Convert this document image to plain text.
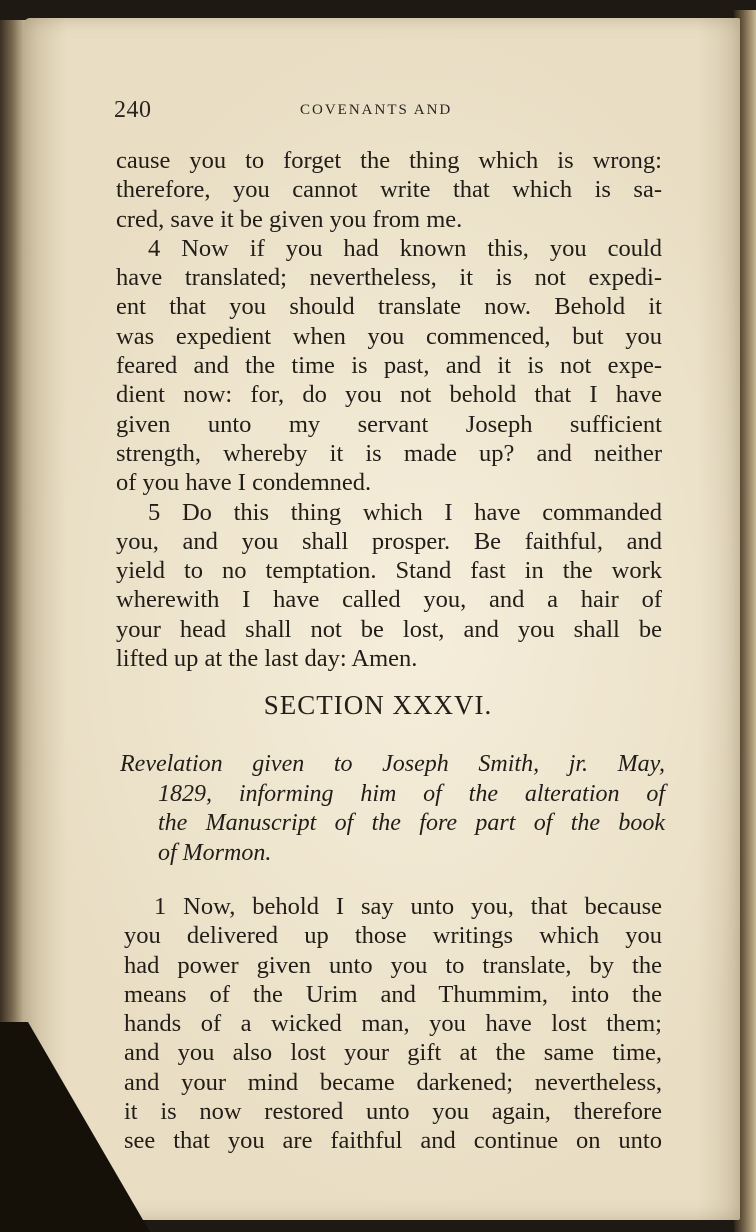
240	COVENANTS AND
cause you to forget the thing which is wrong:
therefore, you cannot write that which is sa-
cred, save it be given you from me.
4 Now if you had known this, you could
have translated; nevertheless, it is not expedi-
ent that you should translate now. Behold it
was expedient when you commenced, but you
feared and the time is past, and it is not expe-
dient now: for, do you not behold that I have
given unto my servant Joseph sufficient
strength, whereby it is made up? and neither
of you have I condemned.
5 Do this thing which I have commanded
you, and you shall prosper. Be faithful, and
yield to no temptation. Stand fast in the work
wherewith I have called you, and a hair of
your head shall not be lost, and you shall be
lifted up at the last day: Amen.
SECTION XXXVI.
Revelation given to Joseph Smith, jr. May,
1829, informing him of the alteration of
the Manuscript of the fore part of the book
of Mormon.
1 Now, behold I say unto you, that because
you delivered up those writings which you
had power given unto you to translate, by the
means of the Urim and Thummim, into the
hands of a wicked man, you have lost them;
and you also lost your gift at the same time,
and your mind became darkened; nevertheless,
it is now restored unto you again, therefore
see that you are faithful and continue on unto
